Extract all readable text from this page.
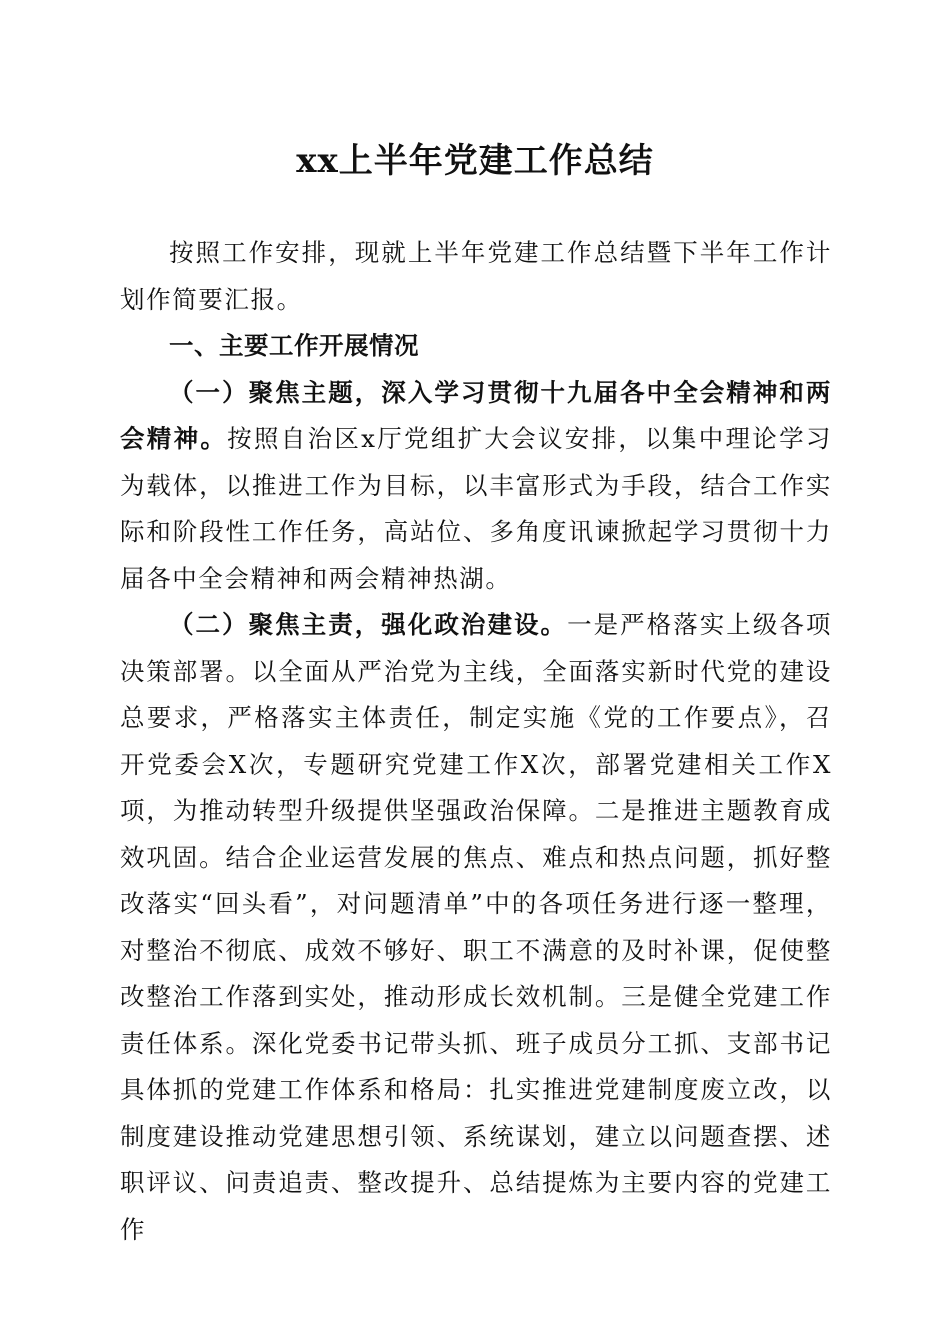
xx上半年党建工作总结

按照工作安排，现就上半年党建工作总结暨下半年工作计划作简要汇报。

一、主要工作开展情况

（一）聚焦主题，深入学习贯彻十九届各中全会精神和两会精神。按照自治区x厅党组扩大会议安排，以集中理论学习为载体，以推进工作为目标，以丰富形式为手段，结合工作实际和阶段性工作任务，高站位、多角度讯谏掀起学习贯彻十力届各中全会精神和两会精神热湖。

（二）聚焦主责，强化政治建设。一是严格落实上级各项决策部署。以全面从严治党为主线，全面落实新时代党的建设总要求，严格落实主体责任，制定实施《党的工作要点》，召开党委会X次，专题研究党建工作X次，部署党建相关工作X项，为推动转型升级提供坚强政治保障。二是推进主题教育成效巩固。结合企业运营发展的焦点、难点和热点问题，抓好整改落实“回头看”，对问题清单”中的各项任务进行逐一整理，对整治不彻底、成效不够好、职工不满意的及时补课，促使整改整治工作落到实处，推动形成长效机制。三是健全党建工作责任体系。深化党委书记带头抓、班子成员分工抓、支部书记具体抓的党建工作体系和格局：扎实推进党建制度废立改，以制度建设推动党建思想引领、系统谋划，建立以问题查摆、述职评议、问责追责、整改提升、总结提炼为主要内容的党建工作
